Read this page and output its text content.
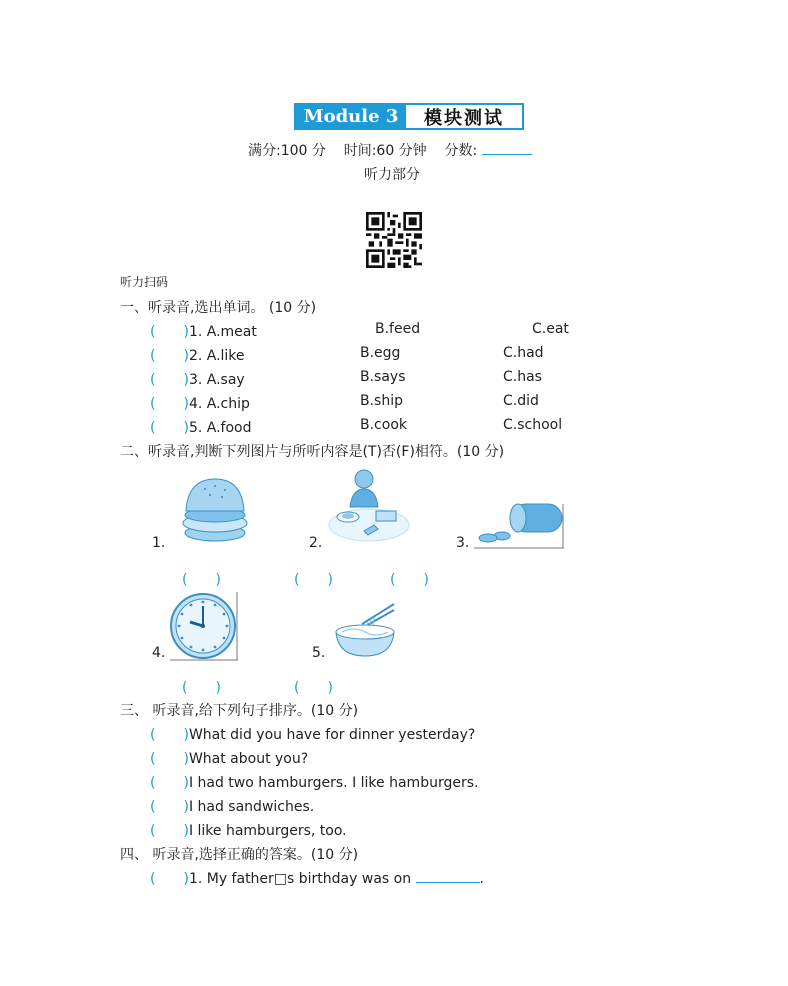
Module 3	模块测试
满分:100 分 时间:60 分钟 分数:
听力部分
听力扫码
一、听录音,选出单词。 (10 分)
(　　)1. A.meat	B.feed	C.eat
(　　)2. A.like	B.egg	C.had
(　　)3. A.say	B.says	C.has
(　　)4. A.chip	B.ship	C.did
(　　)5. A.food	B.cook	C.school
二、听录音,判断下列图片与所听内容是(T)否(F)相符。(10 分)
1.	2.	3.
(　　)	(　　)	(　　)
4.	5.
(　　)	(　　)
三、 听录音,给下列句子排序。(10 分)
(　　)What did you have for dinner yesterday?
(　　)What about you?
(　　)I had two hamburgers. I like hamburgers.
(　　)I had sandwiches.
(　　)I like hamburgers, too.
四、 听录音,选择正确的答案。(10 分)
(　　)1. My father□s birthday was on	.
